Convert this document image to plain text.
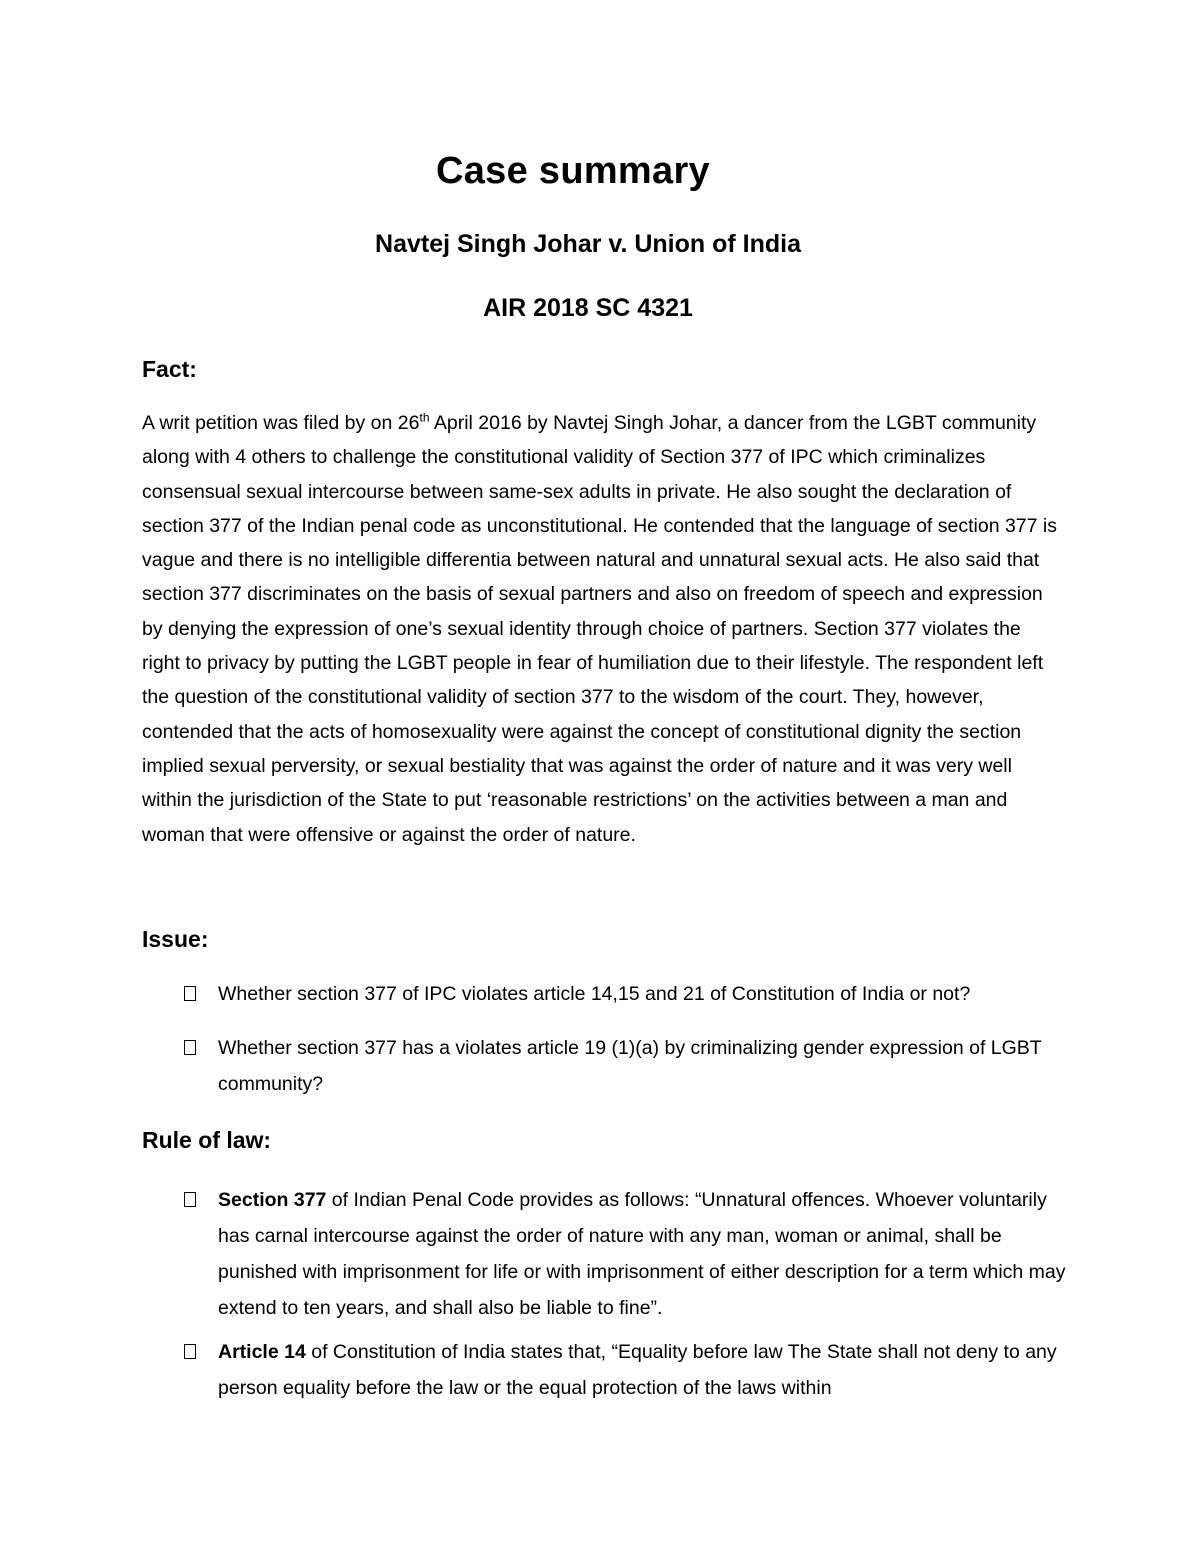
Case summary
Navtej Singh Johar v. Union of India
AIR 2018 SC 4321
Fact:

A writ petition was filed by on 26th April 2016 by Navtej Singh Johar, a dancer from the LGBT community along with 4 others to challenge the constitutional validity of Section 377 of IPC which criminalizes consensual sexual intercourse between same-sex adults in private. He also sought the declaration of section 377 of the Indian penal code as unconstitutional. He contended that the language of section 377 is vague and there is no intelligible differentia between natural and unnatural sexual acts. He also said that section 377 discriminates on the basis of sexual partners and also on freedom of speech and expression by denying the expression of one’s sexual identity through choice of partners. Section 377 violates the right to privacy by putting the LGBT people in fear of humiliation due to their lifestyle. The respondent left the question of the constitutional validity of section 377 to the wisdom of the court. They, however, contended that the acts of homosexuality were against the concept of constitutional dignity the section implied sexual perversity, or sexual bestiality that was against the order of nature and it was very well within the jurisdiction of the State to put ‘reasonable restrictions’ on the activities between a man and woman that were offensive or against the order of nature.

Issue:
Whether section 377 of IPC violates article 14,15 and 21 of Constitution of India or not?
Whether section 377 has a violates article 19 (1)(a) by criminalizing gender expression of LGBT community?
Rule of law:
Section 377 of Indian Penal Code provides as follows: “Unnatural offences. Whoever voluntarily has carnal intercourse against the order of nature with any man, woman or animal, shall be punished with imprisonment for life or with imprisonment of either description for a term which may extend to ten years, and shall also be liable to fine”.
Article 14 of Constitution of India states that, “Equality before law The State shall not deny to any person equality before the law or the equal protection of the laws within
